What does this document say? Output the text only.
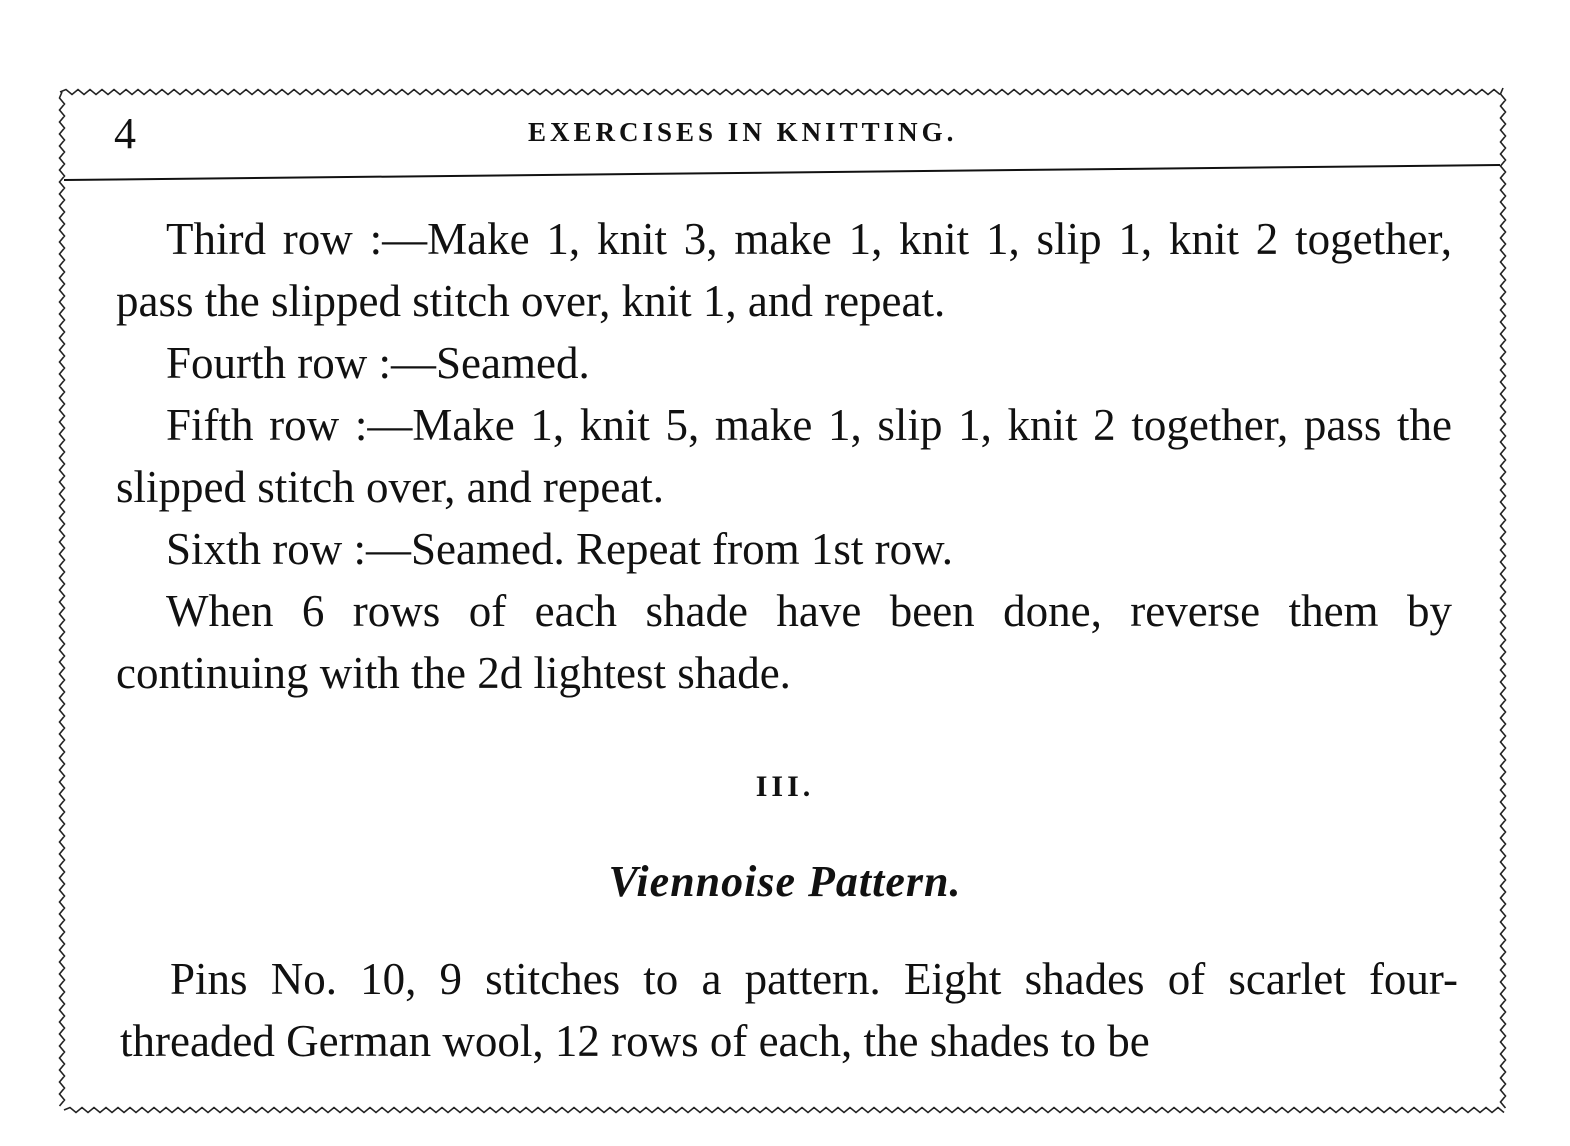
4	EXERCISES IN KNITTING.

Third row :—Make 1, knit 3, make 1, knit 1, slip 1, knit 2 together, pass the slipped stitch over, knit 1, and repeat.

Fourth row :—Seamed.

Fifth row :—Make 1, knit 5, make 1, slip 1, knit 2 together, pass the slipped stitch over, and repeat.

Sixth row :—Seamed. Repeat from 1st row.

When 6 rows of each shade have been done, reverse them by continuing with the 2d lightest shade.

III.
Viennoise Pattern.

Pins No. 10, 9 stitches to a pattern. Eight shades of scarlet four-threaded German wool, 12 rows of each, the shades to be
